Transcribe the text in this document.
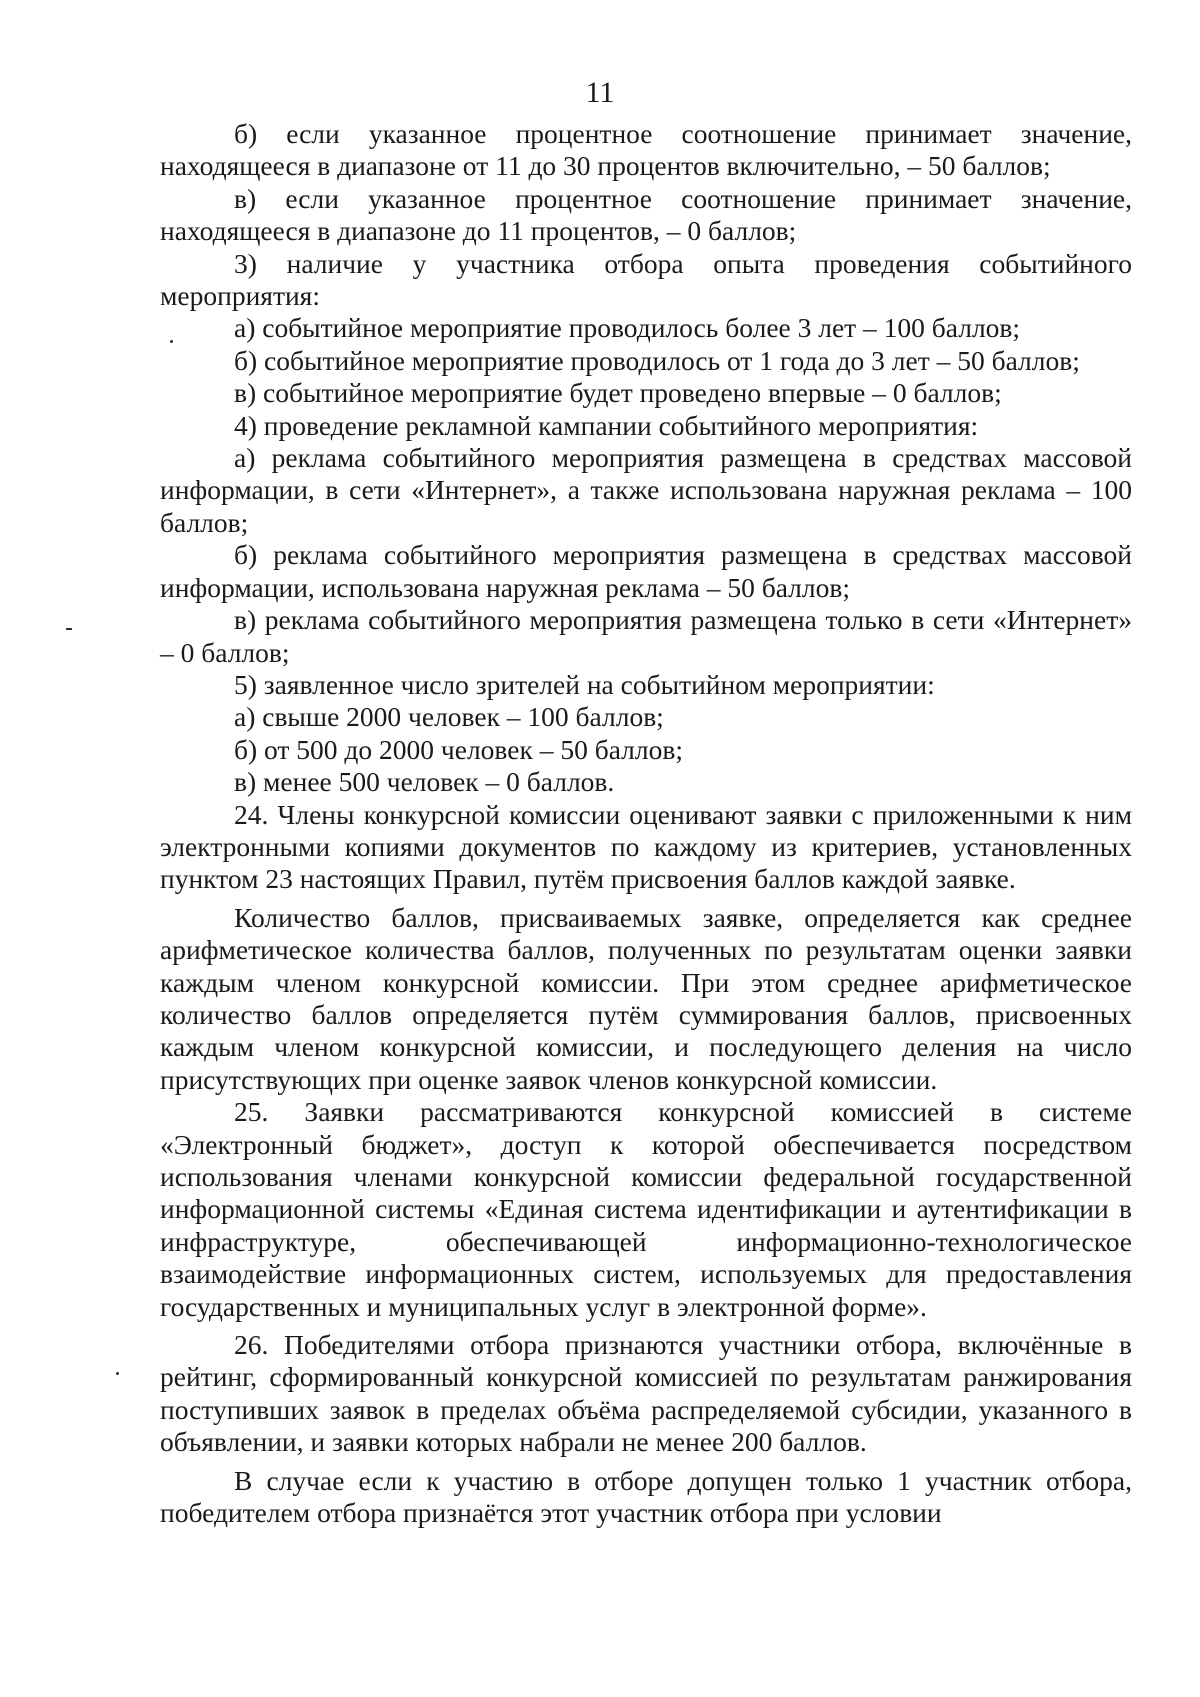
11

б) если указанное процентное соотношение принимает значение, находящееся в диапазоне от 11 до 30 процентов включительно, – 50 баллов;

в) если указанное процентное соотношение принимает значение, находящееся в диапазоне до 11 процентов, – 0 баллов;

3) наличие у участника отбора опыта проведения событийного мероприятия:

а) событийное мероприятие проводилось более 3 лет – 100 баллов;

б) событийное мероприятие проводилось от 1 года до 3 лет – 50 баллов;

в) событийное мероприятие будет проведено впервые – 0 баллов;

4) проведение рекламной кампании событийного мероприятия:

а) реклама событийного мероприятия размещена в средствах массовой информации, в сети «Интернет», а также использована наружная реклама – 100 баллов;

б) реклама событийного мероприятия размещена в средствах массовой информации, использована наружная реклама – 50 баллов;

в) реклама событийного мероприятия размещена только в сети «Интернет» – 0 баллов;

5) заявленное число зрителей на событийном мероприятии:

а) свыше 2000 человек – 100 баллов;

б) от 500 до 2000 человек – 50 баллов;

в) менее 500 человек – 0 баллов.

24. Члены конкурсной комиссии оценивают заявки с приложенными к ним электронными копиями документов по каждому из критериев, установленных пунктом 23 настоящих Правил, путём присвоения баллов каждой заявке.

Количество баллов, присваиваемых заявке, определяется как среднее арифметическое количества баллов, полученных по результатам оценки заявки каждым членом конкурсной комиссии. При этом среднее арифметическое количество баллов определяется путём суммирования баллов, присвоенных каждым членом конкурсной комиссии, и последующего деления на число присутствующих при оценке заявок членов конкурсной комиссии.

25. Заявки рассматриваются конкурсной комиссией в системе «Электронный бюджет», доступ к которой обеспечивается посредством использования членами конкурсной комиссии федеральной государственной информационной системы «Единая система идентификации и аутентификации в инфраструктуре, обеспечивающей информационно-технологическое взаимодействие информационных систем, используемых для предоставления государственных и муниципальных услуг в электронной форме».

26. Победителями отбора признаются участники отбора, включённые в рейтинг, сформированный конкурсной комиссией по результатам ранжирования поступивших заявок в пределах объёма распределяемой субсидии, указанного в объявлении, и заявки которых набрали не менее 200 баллов.

В случае если к участию в отборе допущен только 1 участник отбора, победителем отбора признаётся этот участник отбора при условии
